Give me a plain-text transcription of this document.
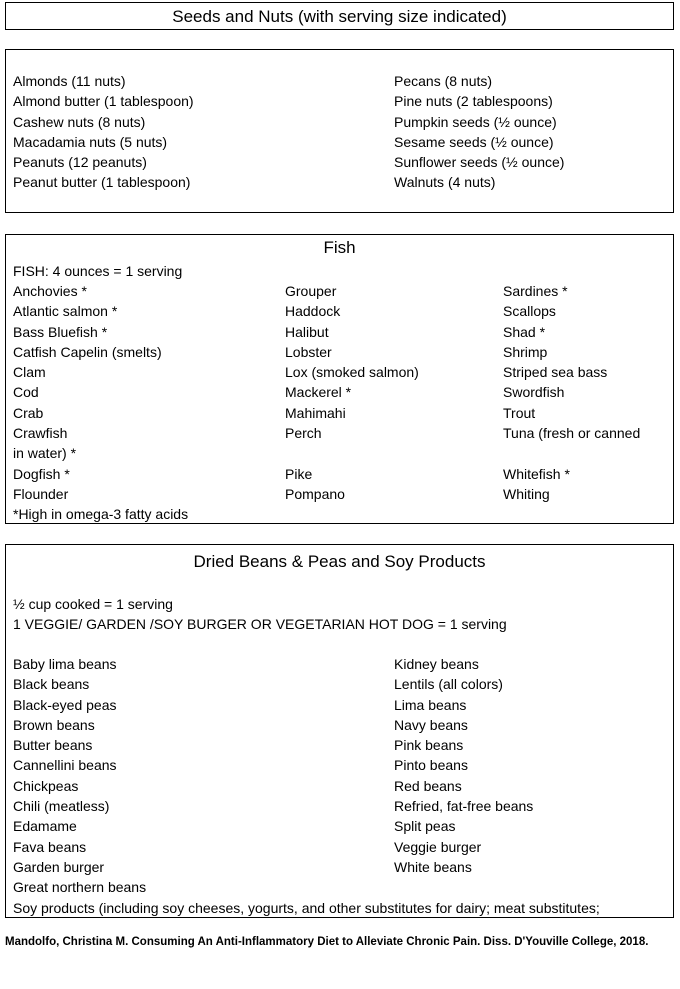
Seeds and Nuts (with serving size indicated)
Almonds (11 nuts)
Almond butter (1 tablespoon)
Cashew nuts (8 nuts)
Macadamia nuts (5 nuts)
Peanuts (12 peanuts)
Peanut butter (1 tablespoon)
Pecans (8 nuts)
Pine nuts (2 tablespoons)
Pumpkin seeds (½ ounce)
Sesame seeds (½ ounce)
Sunflower seeds (½ ounce)
Walnuts (4 nuts)
Fish
FISH: 4 ounces = 1 serving
Anchovies *
Atlantic salmon *
Bass Bluefish *
Catfish Capelin (smelts)
Clam
Cod
Crab
Crawfish
in water) *
Dogfish *
Flounder
*High in omega-3 fatty acids
Grouper
Haddock
Halibut
Lobster
Lox (smoked salmon)
Mackerel *
Mahimahi
Perch
Pike
Pompano
Sardines *
Scallops
Shad *
Shrimp
Striped sea bass
Swordfish
Trout
Tuna (fresh or canned
Whitefish *
Whiting
Dried Beans & Peas and Soy Products
½ cup cooked = 1 serving
1 VEGGIE/ GARDEN /SOY BURGER OR VEGETARIAN HOT DOG = 1 serving
Baby lima beans
Black beans
Black-eyed peas
Brown beans
Butter beans
Cannellini beans
Chickpeas
Chili (meatless)
Edamame
Fava beans
Garden burger
Great northern beans
Soy products (including soy cheeses, yogurts, and other substitutes for dairy; meat substitutes;
Kidney beans
Lentils (all colors)
Lima beans
Navy beans
Pink beans
Pinto beans
Red beans
Refried, fat-free beans
Split peas
Veggie burger
White beans
Mandolfo, Christina M. Consuming An Anti-Inflammatory Diet to Alleviate Chronic Pain. Diss. D'Youville College, 2018.
